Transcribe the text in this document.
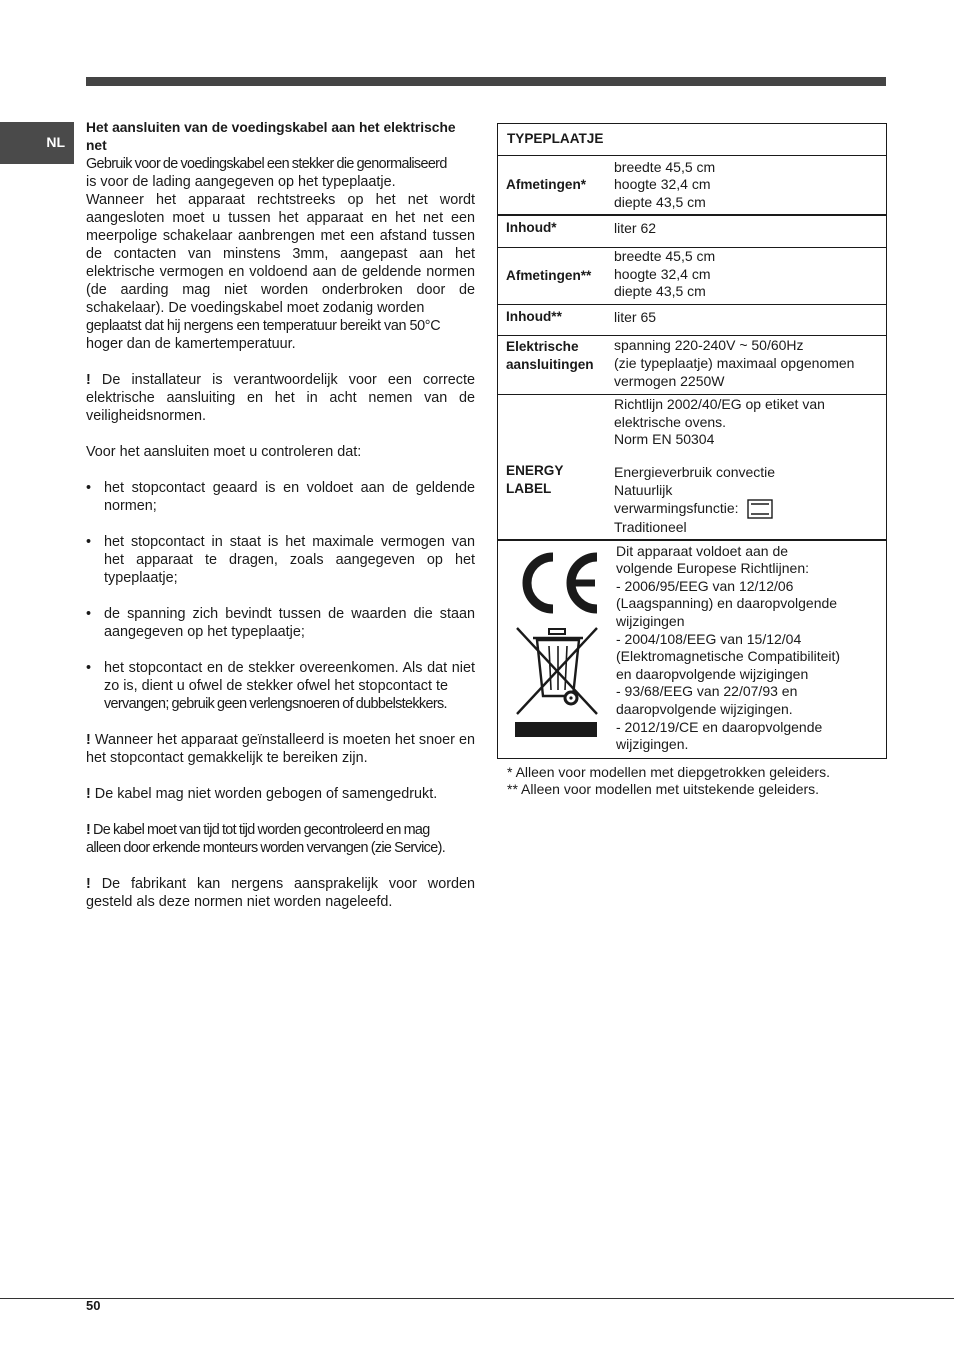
NL

Het aansluiten van de voedingskabel aan het elektrische net

Gebruik voor de voedingskabel een stekker die genormaliseerd

is voor de lading aangegeven op het typeplaatje.

Wanneer het apparaat rechtstreeks op het net wordt aangesloten moet u tussen het apparaat en het net een meerpolige schakelaar aanbrengen met een afstand tussen de contacten van minstens 3mm, aangepast aan het elektrische vermogen en voldoend aan de geldende normen (de aarding mag niet worden onderbroken door de schakelaar). De voedingskabel moet zodanig worden

geplaatst dat hij nergens een temperatuur bereikt van 50°C

hoger dan de kamertemperatuur.

! De installateur is verantwoordelijk voor een correcte elektrische aansluiting en het in acht nemen van de veiligheidsnormen.

Voor het aansluiten moet u controleren dat:

• het stopcontact geaard is en voldoet aan de geldende normen;
• het stopcontact in staat is het maximale vermogen van het apparaat te dragen, zoals aangegeven op het typeplaatje;
• de spanning zich bevindt tussen de waarden die staan aangegeven op het typeplaatje;
• het stopcontact en de stekker overeenkomen. Als dat niet zo is, dient u ofwel de stekker ofwel het stopcontact te
vervangen; gebruik geen verlengsnoeren of dubbelstekkers.

! Wanneer het apparaat geïnstalleerd is moeten het snoer en het stopcontact gemakkelijk te bereiken zijn.

! De kabel mag niet worden gebogen of samengedrukt.

! De kabel moet van tijd tot tijd worden gecontroleerd en mag

alleen door erkende monteurs worden vervangen (zie Service).

! De fabrikant kan nergens aansprakelijk voor worden gesteld als deze normen niet worden nageleefd.

TYPEPLAATJE
Afmetingen*
breedte 45,5 cm
hoogte 32,4 cm
diepte 43,5 cm
Inhoud*	liter 62
Afmetingen**
breedte 45,5 cm
hoogte 32,4 cm
diepte 43,5 cm
Inhoud**	liter 65
Elektrische
aansluitingen
spanning 220-240V ~ 50/60Hz
(zie typeplaatje) maximaal opgenomen
vermogen 2250W
ENERGY
LABEL
Richtlijn 2002/40/EG op etiket van
elektrische ovens.
Norm EN 50304
Energieverbruik convectie
Natuurlijk
verwarmingsfunctie:
Traditioneel
Dit apparaat voldoet aan de
volgende Europese Richtlijnen:
- 2006/95/EEG van 12/12/06
(Laagspanning) en daaropvolgende
wijzigingen
- 2004/108/EEG van 15/12/04
(Elektromagnetische Compatibiliteit)
en daaropvolgende wijzigingen
- 93/68/EEG van 22/07/93 en
daaropvolgende wijzigingen.
- 2012/19/CE en daaropvolgende
wijzigingen.
* Alleen voor modellen met diepgetrokken geleiders.
** Alleen voor modellen met uitstekende geleiders.
50
